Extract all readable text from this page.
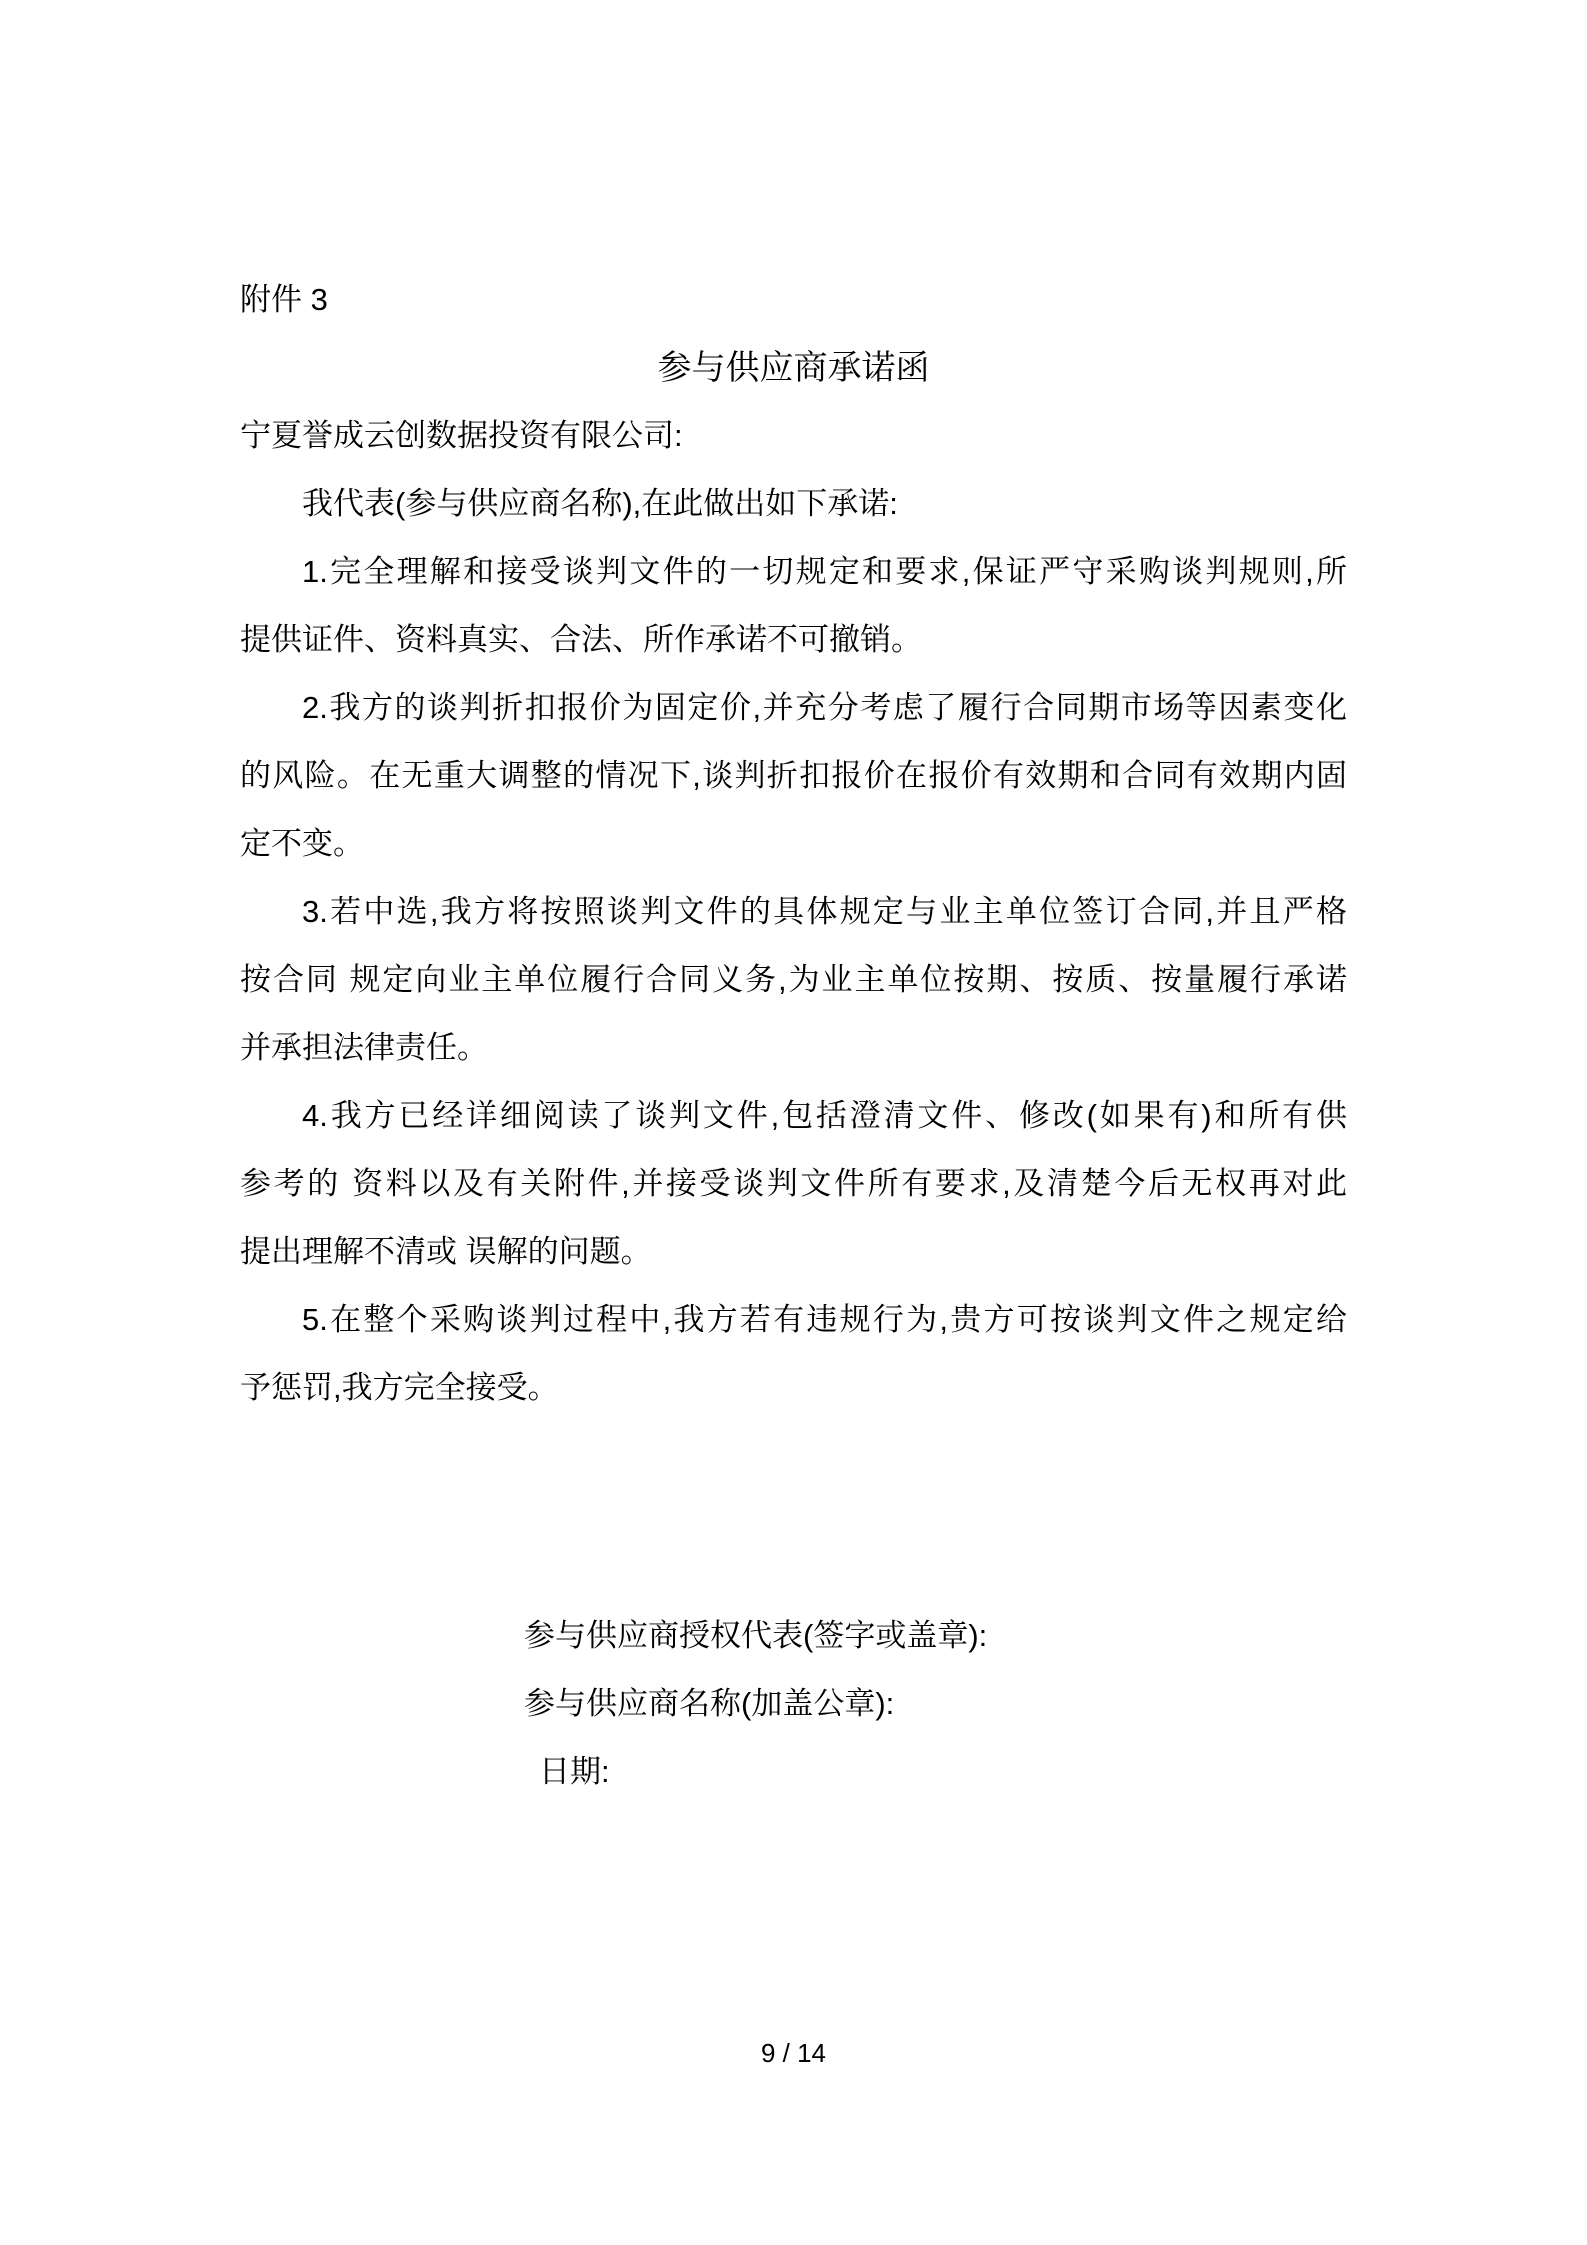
附件 3
参与供应商承诺函
宁夏誉成云创数据投资有限公司:
我代表(参与供应商名称),在此做出如下承诺:
1.完全理解和接受谈判文件的一切规定和要求,保证严守采购谈判规则,所
提供证件、资料真实、合法、所作承诺不可撤销。
2.我方的谈判折扣报价为固定价,并充分考虑了履行合同期市场等因素变化
的风险。在无重大调整的情况下,谈判折扣报价在报价有效期和合同有效期内固
定不变。
3.若中选,我方将按照谈判文件的具体规定与业主单位签订合同,并且严格
按合同 规定向业主单位履行合同义务,为业主单位按期、按质、按量履行承诺
并承担法律责任。
4.我方已经详细阅读了谈判文件,包括澄清文件、修改(如果有)和所有供
参考的 资料以及有关附件,并接受谈判文件所有要求,及清楚今后无权再对此
提出理解不清或 误解的问题。
5.在整个采购谈判过程中,我方若有违规行为,贵方可按谈判文件之规定给
予惩罚,我方完全接受。
参与供应商授权代表(签字或盖章):
参与供应商名称(加盖公章):
日期:
9 / 14
